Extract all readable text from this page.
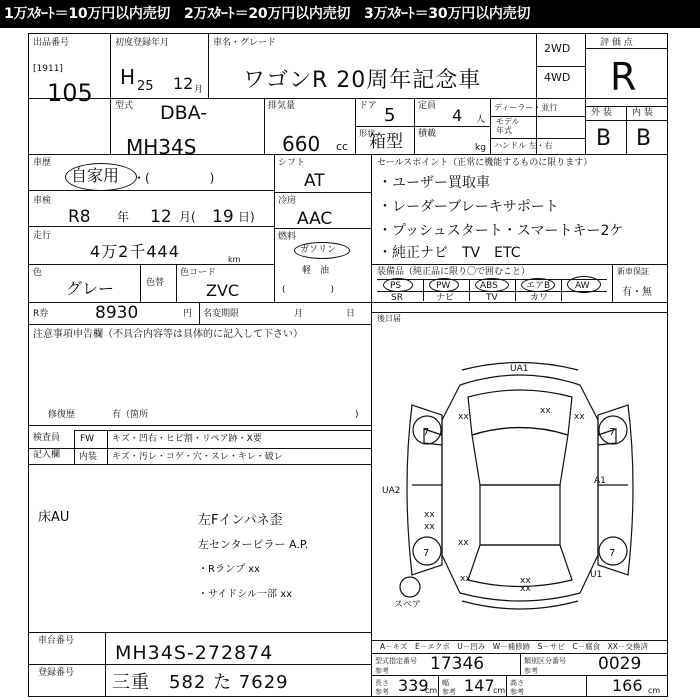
1万ｽﾀｰﾄ＝10万円以内売切　2万ｽﾀｰﾄ＝20万円以内売切　3万ｽﾀｰﾄ＝30万円以内売切
出品番号
[1911]
105
初度登録年月
H 25 12 月
車名・グレード
ワゴンR 20周年記念車
2WD
4WD
評 価 点
R
外 装 内 装
B B
型式 DBA-
MH34S
排気量
660 cc
ドア 5	定員 4 人
形状
箱型 積載
kg
ディーラー・並行
モデル
年式
ハンドル 左・右
車歴
自家用 ・(　　　　　)
車検
R8 年 12 月( 19 日)
走行
4万2千444	km
色
グレー	色替
色コード
ZVC
シフト
AT
冷房
AAC
燃料
ガソリン
軽　油
(　　　　　)
R券	8930	円 名変期限	月	日
セールスポイント（正常に機能するものに限ります）
・ユーザー買取車
・レーダーブレーキサポート
・プッシュスタート・スマートキー2ケ
・純正ナビ　TV　ETC
装備品（純正品に限り〇で囲むこと）
PS	PW	ABS	エアB	AW
SR	ナビ	TV	カワ
新車保証
有・無
後日届
注意事項申告欄（不具合内容等は具体的に記入して下さい）
修復歴	有（箇所	)
検査員
記入欄
FW キズ・凹右・ヒビ割・リペア跡・X要
内装 キズ・汚レ・コゲ・穴・スレ・キレ・破レ
床AU	左Fインパネ歪
左センターピラー A.P.
・Rランプ xx
・サイドシル一部 xx
7	7
7	7
UA1
xx	xx
xx
UA2
xx
xx
A1
xx
xx
xx
xx	U1
スペア
車台番号
MH34S-272874
登録番号 三重　582 た 7629
A－キズ　E－エクボ　U－凹み　W－補修跡　S－サビ　C－腐食　XX－交換済
型式指定番号
参考 17346	類別区分番号
参考	0029
長さ
参考 339
cm
幅
参考 147
cm
高さ
参考	166 cm
